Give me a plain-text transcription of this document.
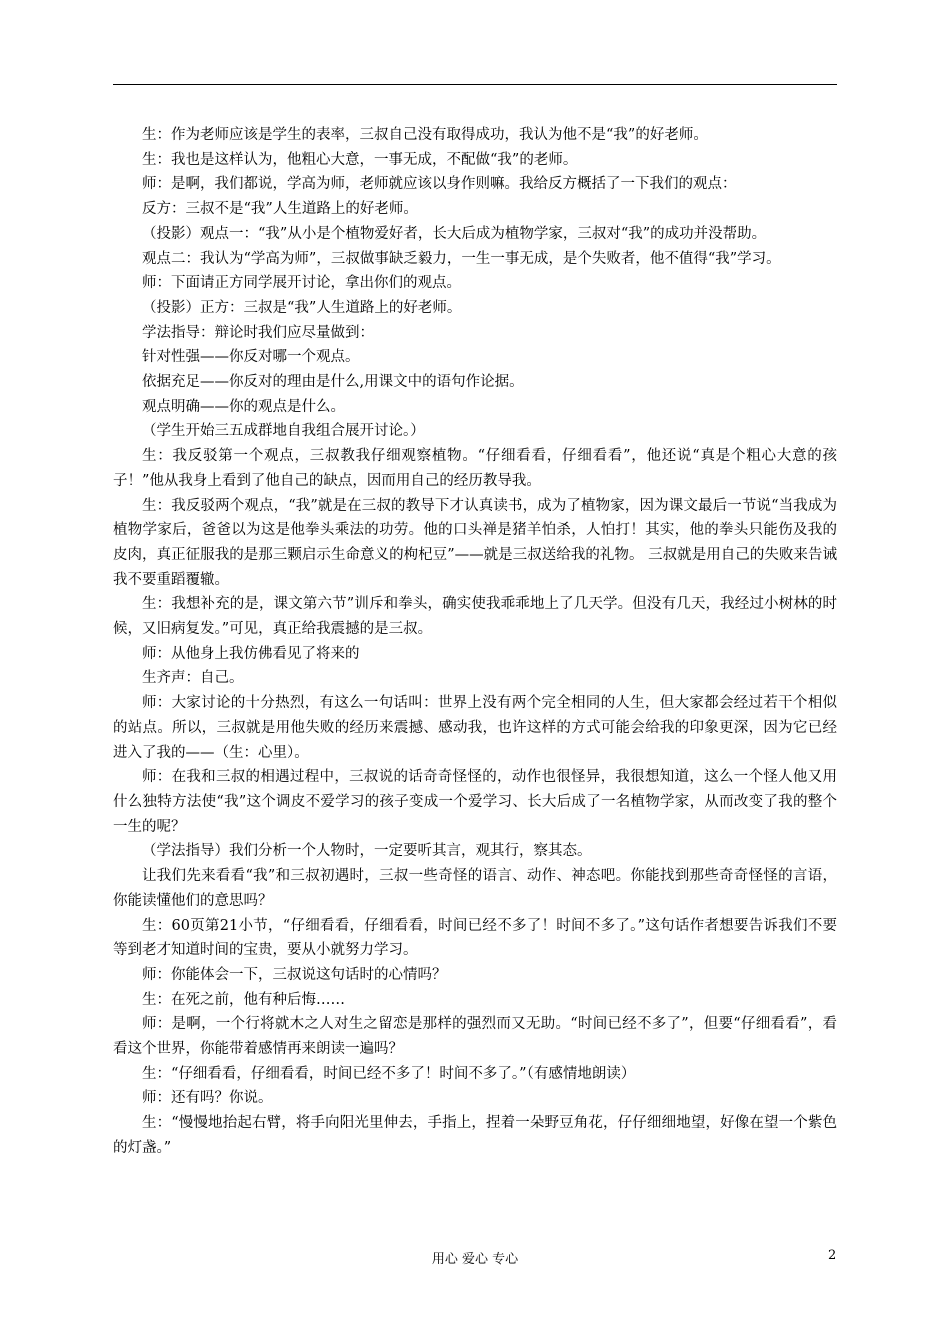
生：作为老师应该是学生的表率，三叔自己没有取得成功，我认为他不是“我”的好老师。

生：我也是这样认为，他粗心大意，一事无成，不配做“我”的老师。

师：是啊，我们都说，学高为师，老师就应该以身作则嘛。我给反方概括了一下我们的观点：

反方：三叔不是“我”人生道路上的好老师。

（投影）观点一：“我”从小是个植物爱好者，长大后成为植物学家，三叔对“我”的成功并没帮助。

观点二：我认为“学高为师”，三叔做事缺乏毅力，一生一事无成，是个失败者，他不值得“我”学习。

师：下面请正方同学展开讨论，拿出你们的观点。

（投影）正方：三叔是“我”人生道路上的好老师。

学法指导：辩论时我们应尽量做到：

针对性强——你反对哪一个观点。

依据充足——你反对的理由是什么,用课文中的语句作论据。

观点明确——你的观点是什么。

（学生开始三五成群地自我组合展开讨论。）

生：我反驳第一个观点，三叔教我仔细观察植物。“仔细看看，仔细看看”，他还说“真是个粗心大意的孩子！”他从我身上看到了他自己的缺点，因而用自己的经历教导我。

生：我反驳两个观点，“我”就是在三叔的教导下才认真读书，成为了植物家，因为课文最后一节说“当我成为植物学家后，爸爸以为这是他拳头乘法的功劳。他的口头禅是猪羊怕杀，人怕打！其实，他的拳头只能伤及我的皮肉，真正征服我的是那三颗启示生命意义的枸杞豆”——就是三叔送给我的礼物。 三叔就是用自己的失败来告诫我不要重蹈覆辙。

生：我想补充的是，课文第六节”训斥和拳头，确实使我乖乖地上了几天学。但没有几天，我经过小树林的时候，又旧病复发。”可见，真正给我震撼的是三叔。

师：从他身上我仿佛看见了将来的

生齐声：自己。

师：大家讨论的十分热烈，有这么一句话叫：世界上没有两个完全相同的人生，但大家都会经过若干个相似的站点。所以，三叔就是用他失败的经历来震撼、感动我，也许这样的方式可能会给我的印象更深，因为它已经进入了我的——（生：心里）。

师：在我和三叔的相遇过程中，三叔说的话奇奇怪怪的，动作也很怪异，我很想知道，这么一个怪人他又用什么独特方法使“我”这个调皮不爱学习的孩子变成一个爱学习、长大后成了一名植物学家，从而改变了我的整个一生的呢？

（学法指导）我们分析一个人物时，一定要听其言，观其行，察其态。

让我们先来看看“我”和三叔初遇时，三叔一些奇怪的语言、动作、神态吧。你能找到那些奇奇怪怪的言语，你能读懂他们的意思吗？

生：60页第21小节，“仔细看看，仔细看看，时间已经不多了！时间不多了。”这句话作者想要告诉我们不要等到老才知道时间的宝贵，要从小就努力学习。

师：你能体会一下，三叔说这句话时的心情吗？

生：在死之前，他有种后悔……

师：是啊，一个行将就木之人对生之留恋是那样的强烈而又无助。“时间已经不多了”，但要“仔细看看”，看看这个世界，你能带着感情再来朗读一遍吗？

生：“仔细看看，仔细看看，时间已经不多了！时间不多了。”（有感情地朗读）

师：还有吗？你说。

生：“慢慢地抬起右臂，将手向阳光里伸去，手指上，捏着一朵野豆角花，仔仔细细地望，好像在望一个紫色的灯盏。”

用心 爱心 专心	2
